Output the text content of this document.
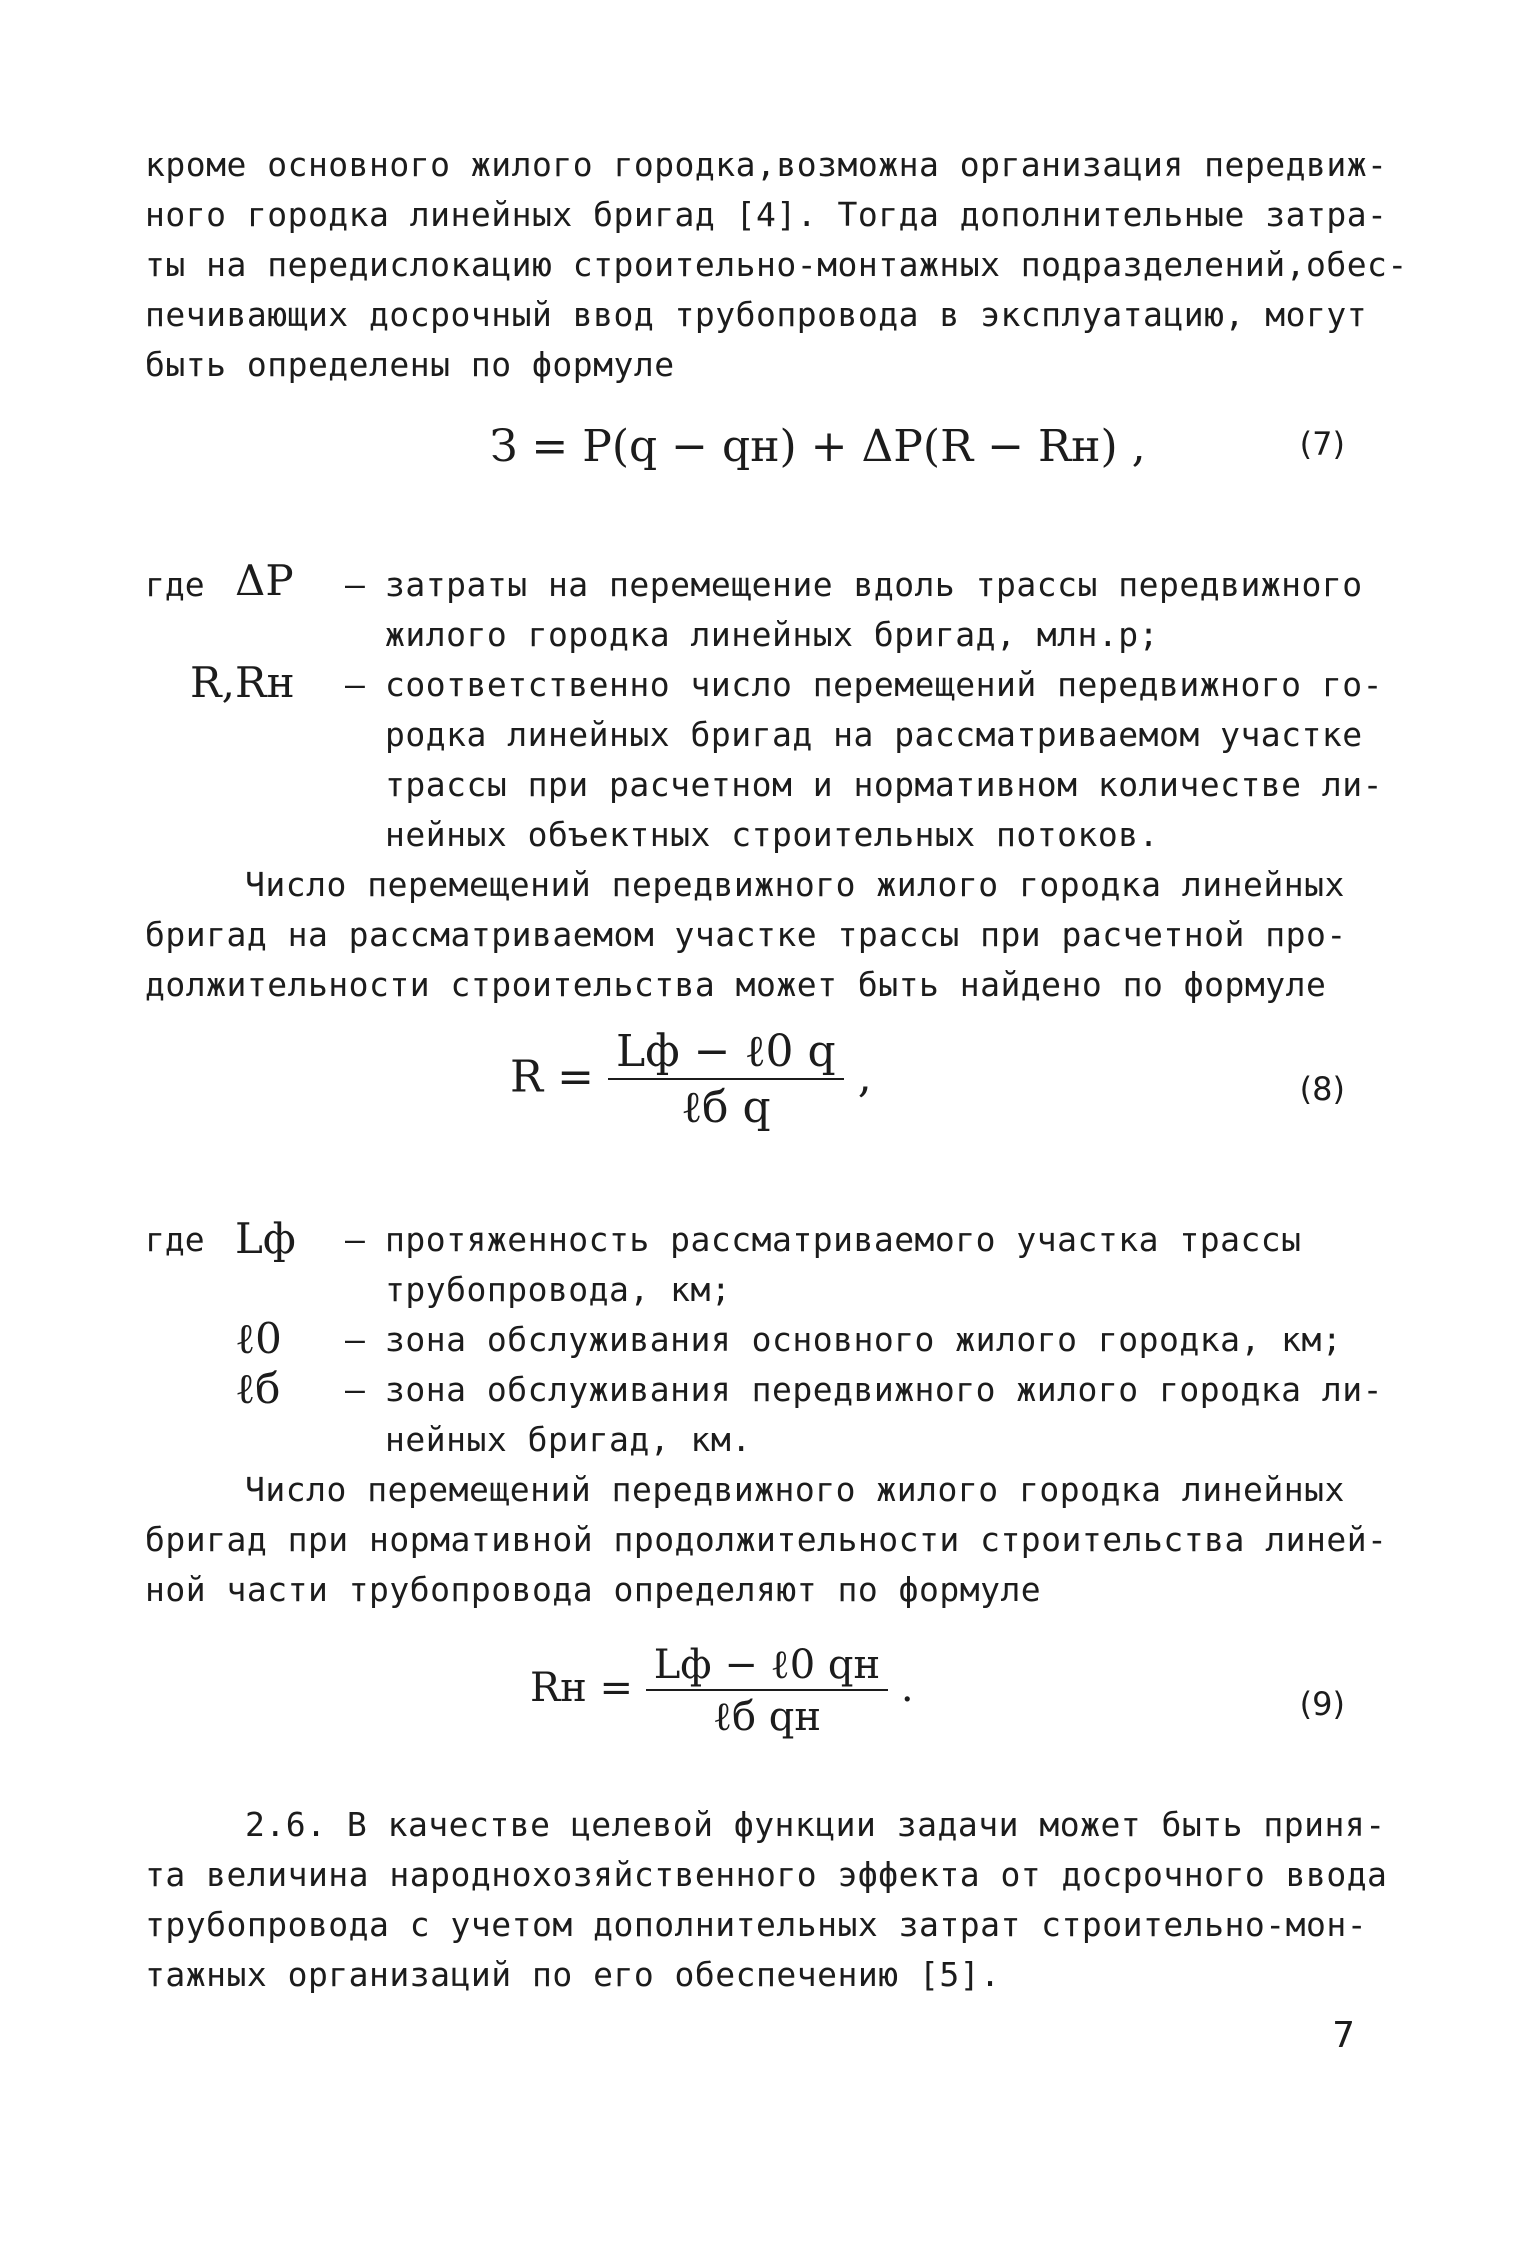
кроме основного жилого городка,возможна организация передвиж-
ного городка линейных бригад [4]. Тогда дополнительные затра-
ты на передислокацию строительно-монтажных подразделений,обес-
печивающих досрочный ввод трубопровода в эксплуатацию, могут
быть определены по формуле
З = P(q − qн) + ΔP(R − Rн) ,	(7)
где ΔP – затраты на перемещение вдоль трассы передвижного
жилого городка линейных бригад, млн.р;
R,Rн – соответственно число перемещений передвижного го-
родка линейных бригад на рассматриваемом участке
трассы при расчетном и нормативном количестве ли-
нейных объектных строительных потоков.
Число перемещений передвижного жилого городка линейных
бригад на рассматриваемом участке трассы при расчетной про-
должительности строительства может быть найдено по формуле
$R = \frac{\text{Lф − ℓ0 q}}{\text{ℓб q}}$ ,	(8)
где Lф – протяженность рассматриваемого участка трассы
трубопровода, км;
ℓ0 – зона обслуживания основного жилого городка, км;
ℓб – зона обслуживания передвижного жилого городка ли-
нейных бригад, км.
Число перемещений передвижного жилого городка линейных
бригад при нормативной продолжительности строительства линей-
ной части трубопровода определяют по формуле
Rн = $\frac{\text{Lф − ℓ0 qн}}{\text{ℓб qн}}$ .	(9)
2.6. В качестве целевой функции задачи может быть приня-
та величина народнохозяйственного эффекта от досрочного ввода
трубопровода с учетом дополнительных затрат строительно-мон-
тажных организаций по его обеспечению [5].
7
